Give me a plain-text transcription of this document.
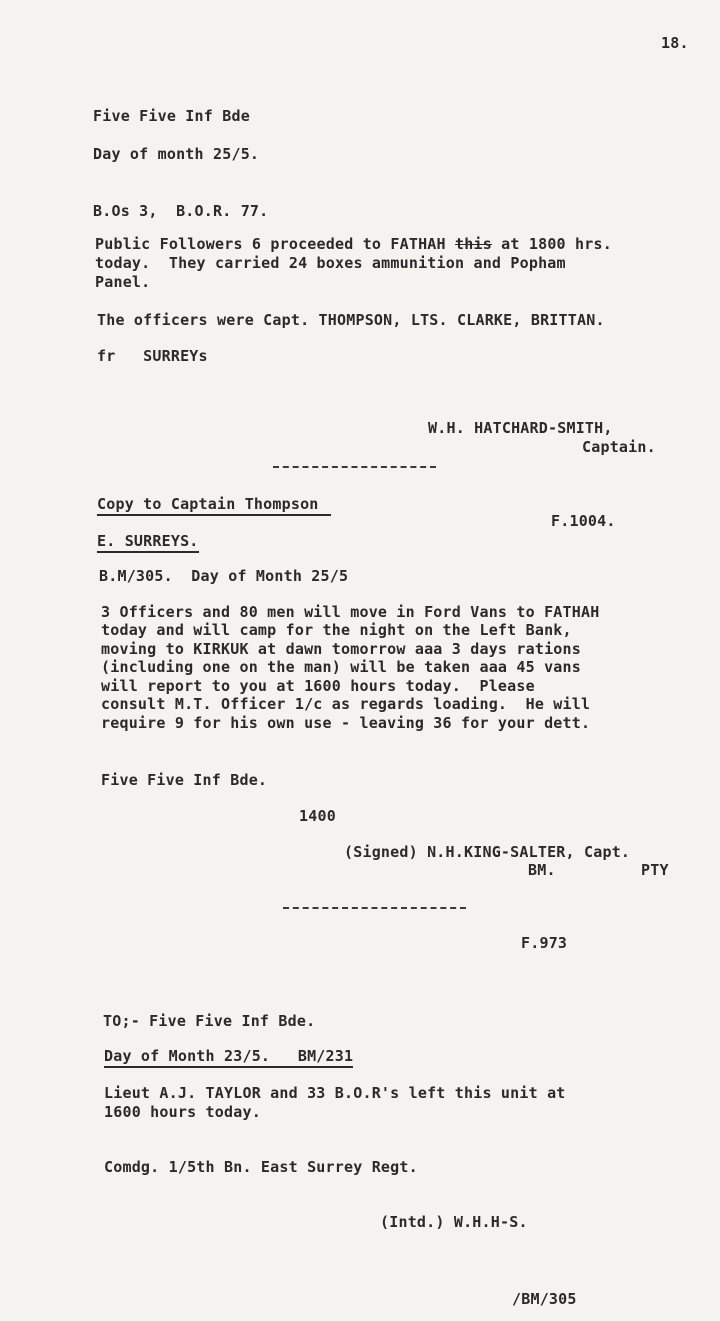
18.
Five Five Inf Bde
Day of month 25/5.
B.Os 3,  B.O.R. 77.
Public Followers 6 proceeded to FATHAH this at 1800 hrs.
today.  They carried 24 boxes ammunition and Popham
Panel.
The officers were Capt. THOMPSON, LTS. CLARKE, BRITTAN.
fr   SURREYs
W.H. HATCHARD-SMITH,
Captain.
Copy to Captain Thompson
F.1004.
E. SURREYS.
B.M/305.  Day of Month 25/5
3 Officers and 80 men will move in Ford Vans to FATHAH
today and will camp for the night on the Left Bank,
moving to KIRKUK at dawn tomorrow aaa 3 days rations
(including one on the man) will be taken aaa 45 vans
will report to you at 1600 hours today.  Please
consult M.T. Officer 1/c as regards loading.  He will
require 9 for his own use - leaving 36 for your dett.
Five Five Inf Bde.
1400
(Signed) N.H.KING-SALTER, Capt.
BM.	PTY
F.973
TO;- Five Five Inf Bde.
Day of Month 23/5.   BM/231
Lieut A.J. TAYLOR and 33 B.O.R's left this unit at
1600 hours today.
Comdg. 1/5th Bn. East Surrey Regt.
(Intd.) W.H.H-S.
/BM/305
